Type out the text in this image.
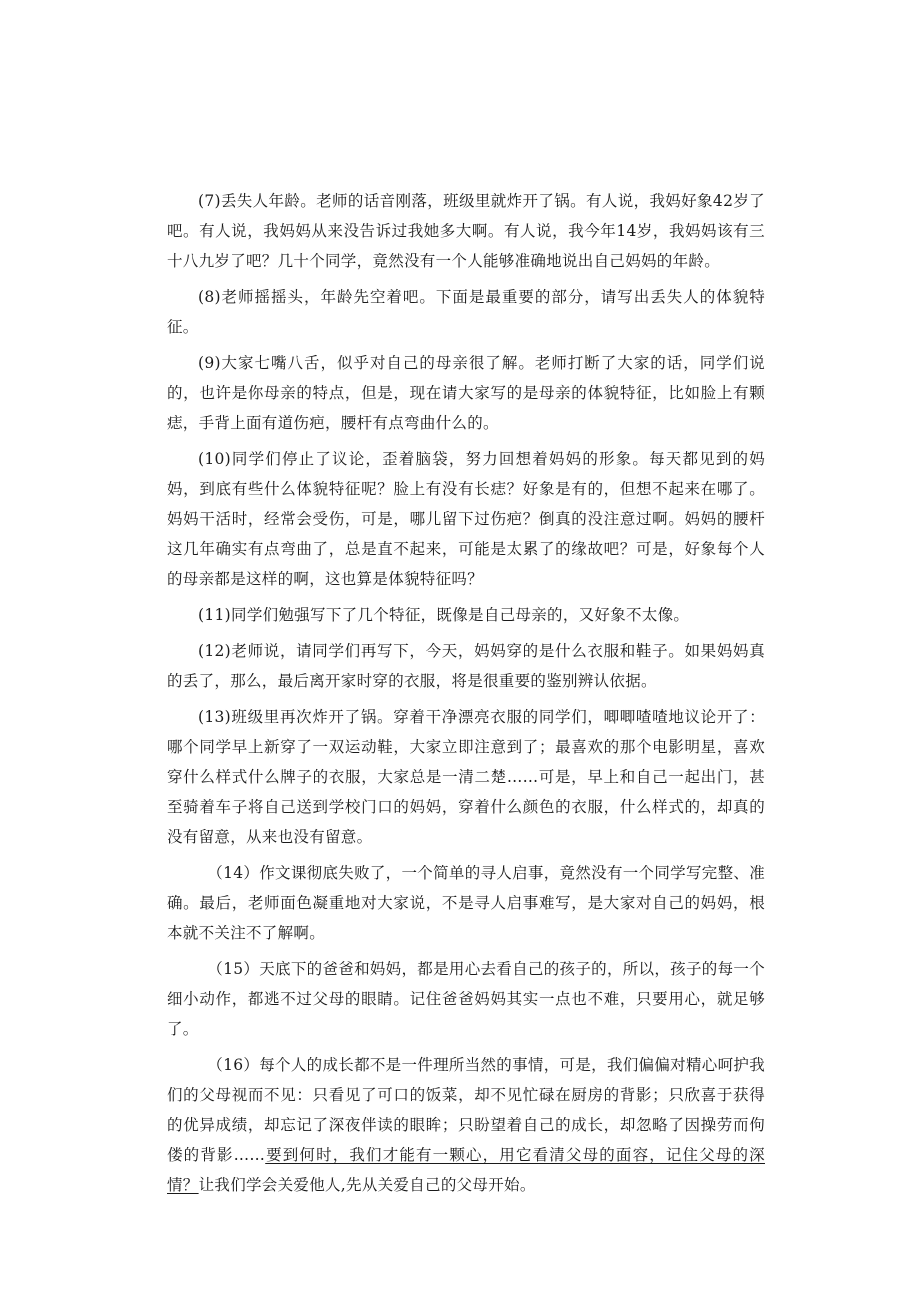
(7)丢失人年龄。老师的话音刚落，班级里就炸开了锅。有人说，我妈好象42岁了吧。有人说，我妈妈从来没告诉过我她多大啊。有人说，我今年14岁，我妈妈该有三十八九岁了吧？几十个同学，竟然没有一个人能够准确地说出自己妈妈的年龄。

(8)老师摇摇头，年龄先空着吧。下面是最重要的部分，请写出丢失人的体貌特征。

(9)大家七嘴八舌，似乎对自己的母亲很了解。老师打断了大家的话，同学们说的，也许是你母亲的特点，但是，现在请大家写的是母亲的体貌特征，比如脸上有颗痣，手背上面有道伤疤，腰杆有点弯曲什么的。

(10)同学们停止了议论，歪着脑袋，努力回想着妈妈的形象。每天都见到的妈妈，到底有些什么体貌特征呢？脸上有没有长痣？好象是有的，但想不起来在哪了。妈妈干活时，经常会受伤，可是，哪儿留下过伤疤？倒真的没注意过啊。妈妈的腰杆这几年确实有点弯曲了，总是直不起来，可能是太累了的缘故吧？可是，好象每个人的母亲都是这样的啊，这也算是体貌特征吗？

(11)同学们勉强写下了几个特征，既像是自己母亲的，又好象不太像。

(12)老师说，请同学们再写下，今天，妈妈穿的是什么衣服和鞋子。如果妈妈真的丢了，那么，最后离开家时穿的衣服，将是很重要的鉴别辨认依据。

(13)班级里再次炸开了锅。穿着干净漂亮衣服的同学们，唧唧喳喳地议论开了：哪个同学早上新穿了一双运动鞋，大家立即注意到了；最喜欢的那个电影明星，喜欢穿什么样式什么牌子的衣服，大家总是一清二楚……可是，早上和自己一起出门，甚至骑着车子将自己送到学校门口的妈妈，穿着什么颜色的衣服，什么样式的，却真的没有留意，从来也没有留意。

（14）作文课彻底失败了，一个简单的寻人启事，竟然没有一个同学写完整、准确。最后，老师面色凝重地对大家说，不是寻人启事难写，是大家对自己的妈妈，根本就不关注不了解啊。

（15）天底下的爸爸和妈妈，都是用心去看自己的孩子的，所以，孩子的每一个细小动作，都逃不过父母的眼睛。记住爸爸妈妈其实一点也不难，只要用心，就足够了。

（16）每个人的成长都不是一件理所当然的事情，可是，我们偏偏对精心呵护我们的父母视而不见：只看见了可口的饭菜，却不见忙碌在厨房的背影；只欣喜于获得的优异成绩，却忘记了深夜伴读的眼眸；只盼望着自己的成长，却忽略了因操劳而佝偻的背影……要到何时，我们才能有一颗心，用它看清父母的面容，记住父母的深情？让我们学会关爱他人,先从关爱自己的父母开始。
